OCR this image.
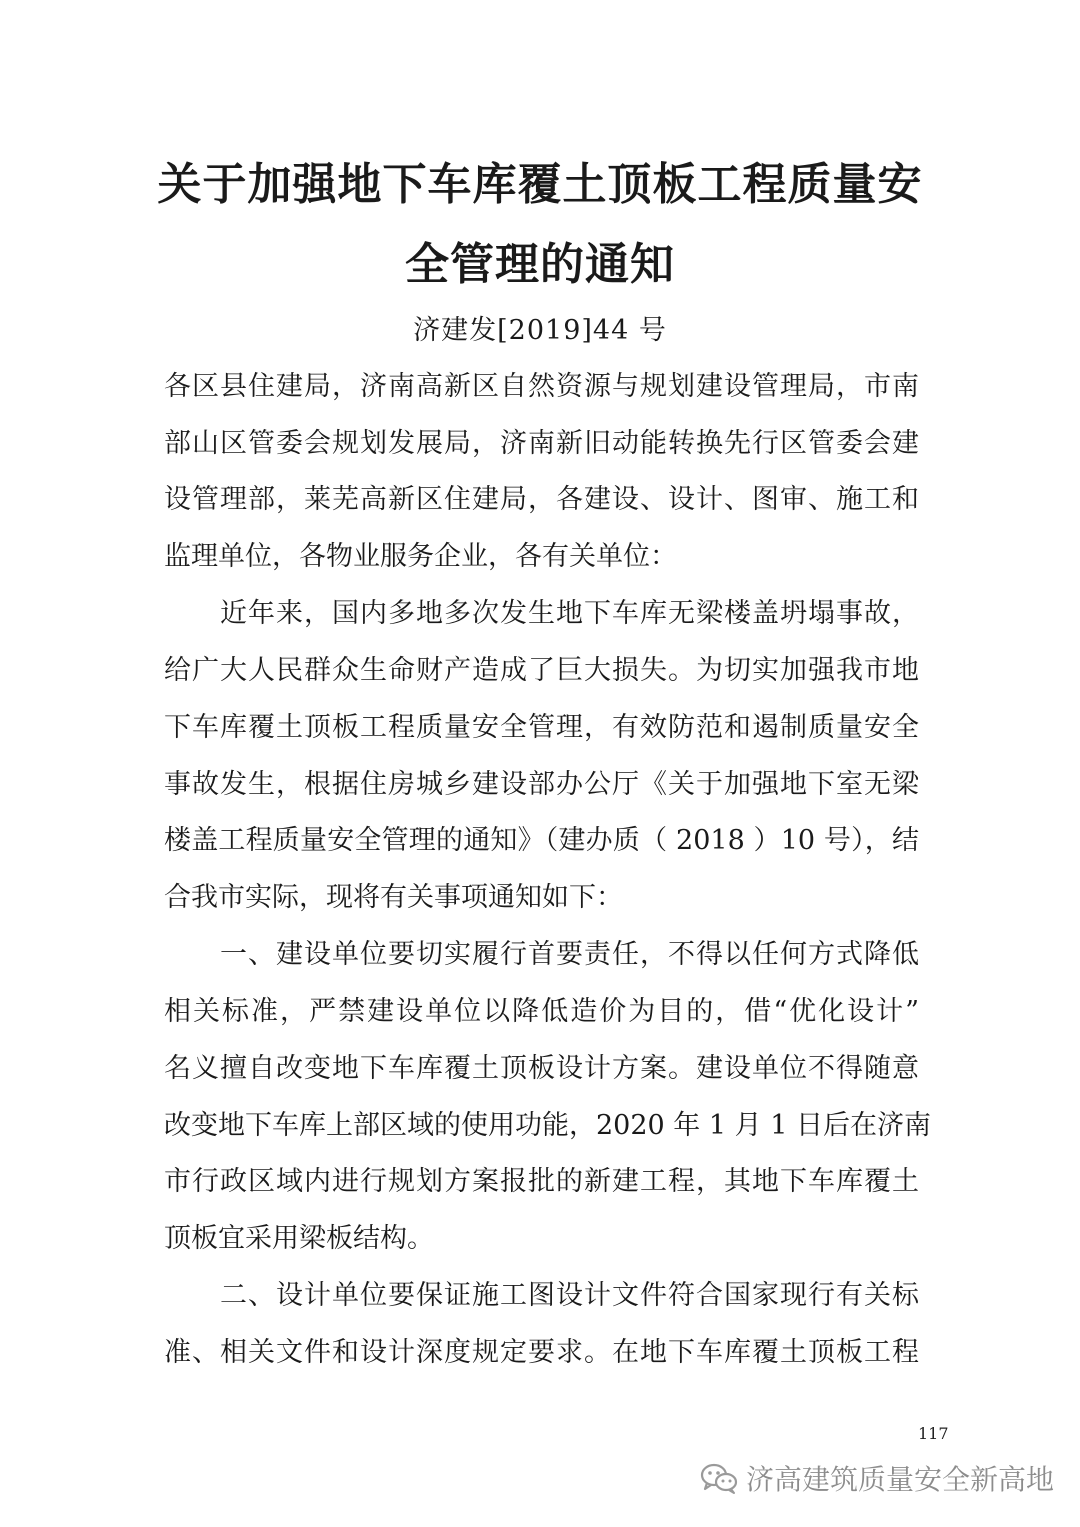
关于加强地下车库覆土顶板工程质量安
全管理的通知
济建发[2019]44 号
各区县住建局，济南高新区自然资源与规划建设管理局，市南
部山区管委会规划发展局，济南新旧动能转换先行区管委会建
设管理部，莱芜高新区住建局，各建设、设计、图审、施工和
监理单位，各物业服务企业，各有关单位：
　　近年来，国内多地多次发生地下车库无梁楼盖坍塌事故，
给广大人民群众生命财产造成了巨大损失。为切实加强我市地
下车库覆土顶板工程质量安全管理，有效防范和遏制质量安全
事故发生，根据住房城乡建设部办公厅《关于加强地下室无梁
楼盖工程质量安全管理的通知》（建办质（ 2018 ）10 号），结
合我市实际，现将有关事项通知如下：
　　一、建设单位要切实履行首要责任，不得以任何方式降低
相关标准，严禁建设单位以降低造价为目的，借“优化设计”
名义擅自改变地下车库覆土顶板设计方案。建设单位不得随意
改变地下车库上部区域的使用功能，2020 年 1 月 1 日后在济南
市行政区域内进行规划方案报批的新建工程，其地下车库覆土
顶板宜采用梁板结构。
　　二、设计单位要保证施工图设计文件符合国家现行有关标
准、相关文件和设计深度规定要求。在地下车库覆土顶板工程
117
济高建筑质量安全新高地
